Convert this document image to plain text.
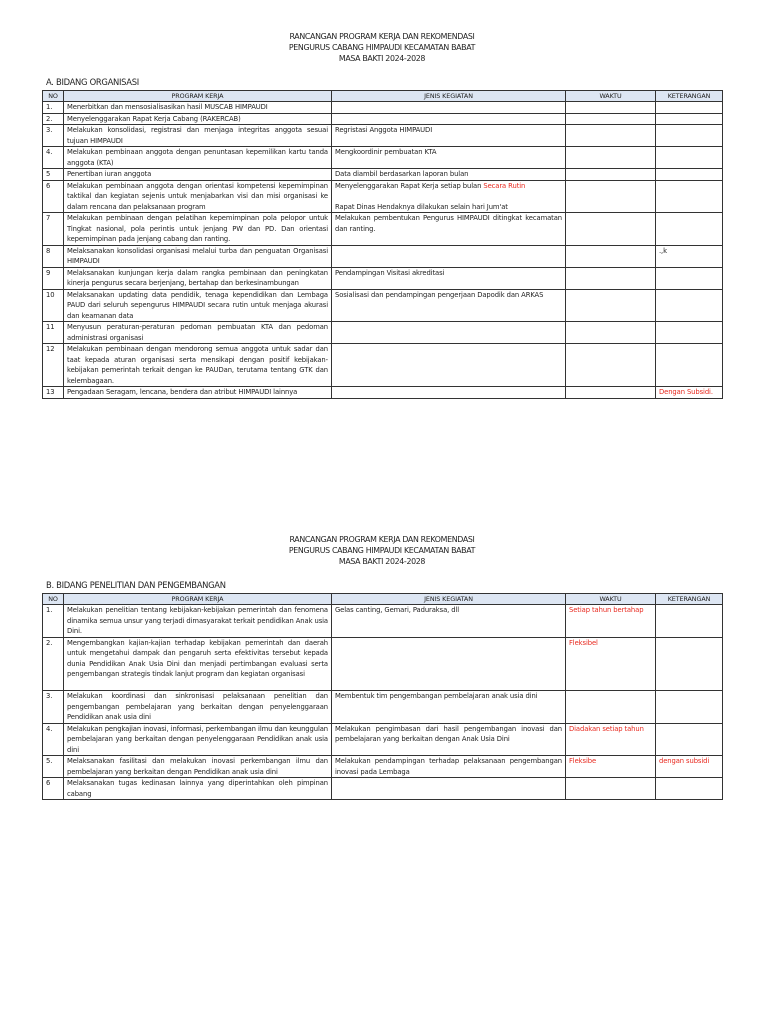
RANCANGAN PROGRAM KERJA DAN REKOMENDASI
PENGURUS CABANG HIMPAUDI KECAMATAN BABAT
MASA BAKTI 2024-2028
A. BIDANG ORGANISASI
NO	PROGRAM KERJA	JENIS KEGIATAN	WAKTU	KETERANGAN
1.	Menerbitkan dan mensosialisasikan hasil MUSCAB HIMPAUDI			
2.	Menyelenggarakan Rapat Kerja Cabang (RAKERCAB)			
3.	Melakukan konsolidasi, registrasi dan menjaga integritas anggota sesuai tujuan HIMPAUDI	Regristasi Anggota HIMPAUDI		
4.	Melakukan pembinaan anggota dengan penuntasan kepemilikan kartu tanda anggota (KTA)	Mengkoordinir pembuatan KTA		
5	Penertiban iuran anggota	Data diambil berdasarkan laporan bulan		
6	Melakukan pembinaan anggota dengan orientasi kompetensi kepemimpinan taktikal dan kegiatan sejenis untuk menjabarkan visi dan misi organisasi ke dalam rencana dan pelaksanaan program	Menyelenggarakan Rapat Kerja setiap bulan Secara Rutin
Rapat Dinas Hendaknya dilakukan selain hari Jum'at		
7	Melakukan pembinaan dengan pelatihan kepemimpinan pola pelopor untuk Tingkat nasional, pola perintis untuk jenjang PW dan PD. Dan orientasi kepemimpinan pada jenjang cabang dan ranting.	Melakukan pembentukan Pengurus HIMPAUDI ditingkat kecamatan dan ranting.		
8	Melaksanakan konsolidasi organisasi melalui turba dan penguatan Organisasi HIMPAUDI			.,k
9	Melaksanakan kunjungan kerja dalam rangka pembinaan dan peningkatan kinerja pengurus secara berjenjang, bertahap dan berkesinambungan	Pendampingan Visitasi akreditasi		
10	Melaksanakan updating data pendidik, tenaga kependidikan dan Lembaga PAUD dari seluruh sepengurus HIMPAUDI secara rutin untuk menjaga akurasi dan keamanan data	Sosialisasi dan pendampingan pengerjaan Dapodik dan ARKAS		
11	Menyusun peraturan-peraturan pedoman pembuatan KTA dan pedoman administrasi organisasi			
12	Melakukan pembinaan dengan mendorong semua anggota untuk sadar dan taat kepada aturan organisasi serta mensikapi dengan positif kebijakan-kebijakan pemerintah terkait dengan ke PAUDan, terutama tentang GTK dan kelembagaan.			
13	Pengadaan Seragam, lencana, bendera dan atribut HIMPAUDI lainnya			Dengan Subsidi.
RANCANGAN PROGRAM KERJA DAN REKOMENDASI
PENGURUS CABANG HIMPAUDI KECAMATAN BABAT
MASA BAKTI 2024-2028
B. BIDANG PENELITIAN DAN PENGEMBANGAN
NO	PROGRAM KERJA	JENIS KEGIATAN	WAKTU	KETERANGAN
1.	Melakukan penelitian tentang kebijakan-kebijakan pemerintah dan fenomena dinamika semua unsur yang terjadi dimasyarakat terkait pendidikan Anak usia Dini.	Gelas canting, Gemari, Paduraksa, dll	Setiap tahun bertahap	
2.	Mengembangkan kajian-kajian terhadap kebijakan pemerintah dan daerah untuk mengetahui dampak dan pengaruh serta efektivitas tersebut kepada dunia Pendidikan Anak Usia Dini dan menjadi pertimbangan evaluasi serta pengembangan strategis tindak lanjut program dan kegiatan organisasi		Fleksibel	
3.	Melakukan koordinasi dan sinkronisasi pelaksanaan penelitian dan pengembangan pembelajaran yang berkaitan dengan penyelenggaraan Pendidikan anak usia dini	Membentuk tim pengembangan pembelajaran anak usia dini		
4.	Melakukan pengkajian inovasi, informasi, perkembangan ilmu dan keunggulan pembelajaran yang berkaitan dengan penyelenggaraan Pendidikan anak usia dini	Melakukan pengimbasan dari hasil pengembangan inovasi dan pembelajaran yang berkaitan dengan Anak Usia Dini	Diadakan setiap tahun	
5.	Melaksanakan fasilitasi dan melakukan inovasi perkembangan ilmu dan pembelajaran yang berkaitan dengan Pendidikan anak usia dini	Melakukan pendampingan terhadap pelaksanaan pengembangan inovasi pada Lembaga	Fleksibe	dengan subsidi
6	Melaksanakan tugas kedinasan lainnya yang diperintahkan oleh pimpinan cabang			
